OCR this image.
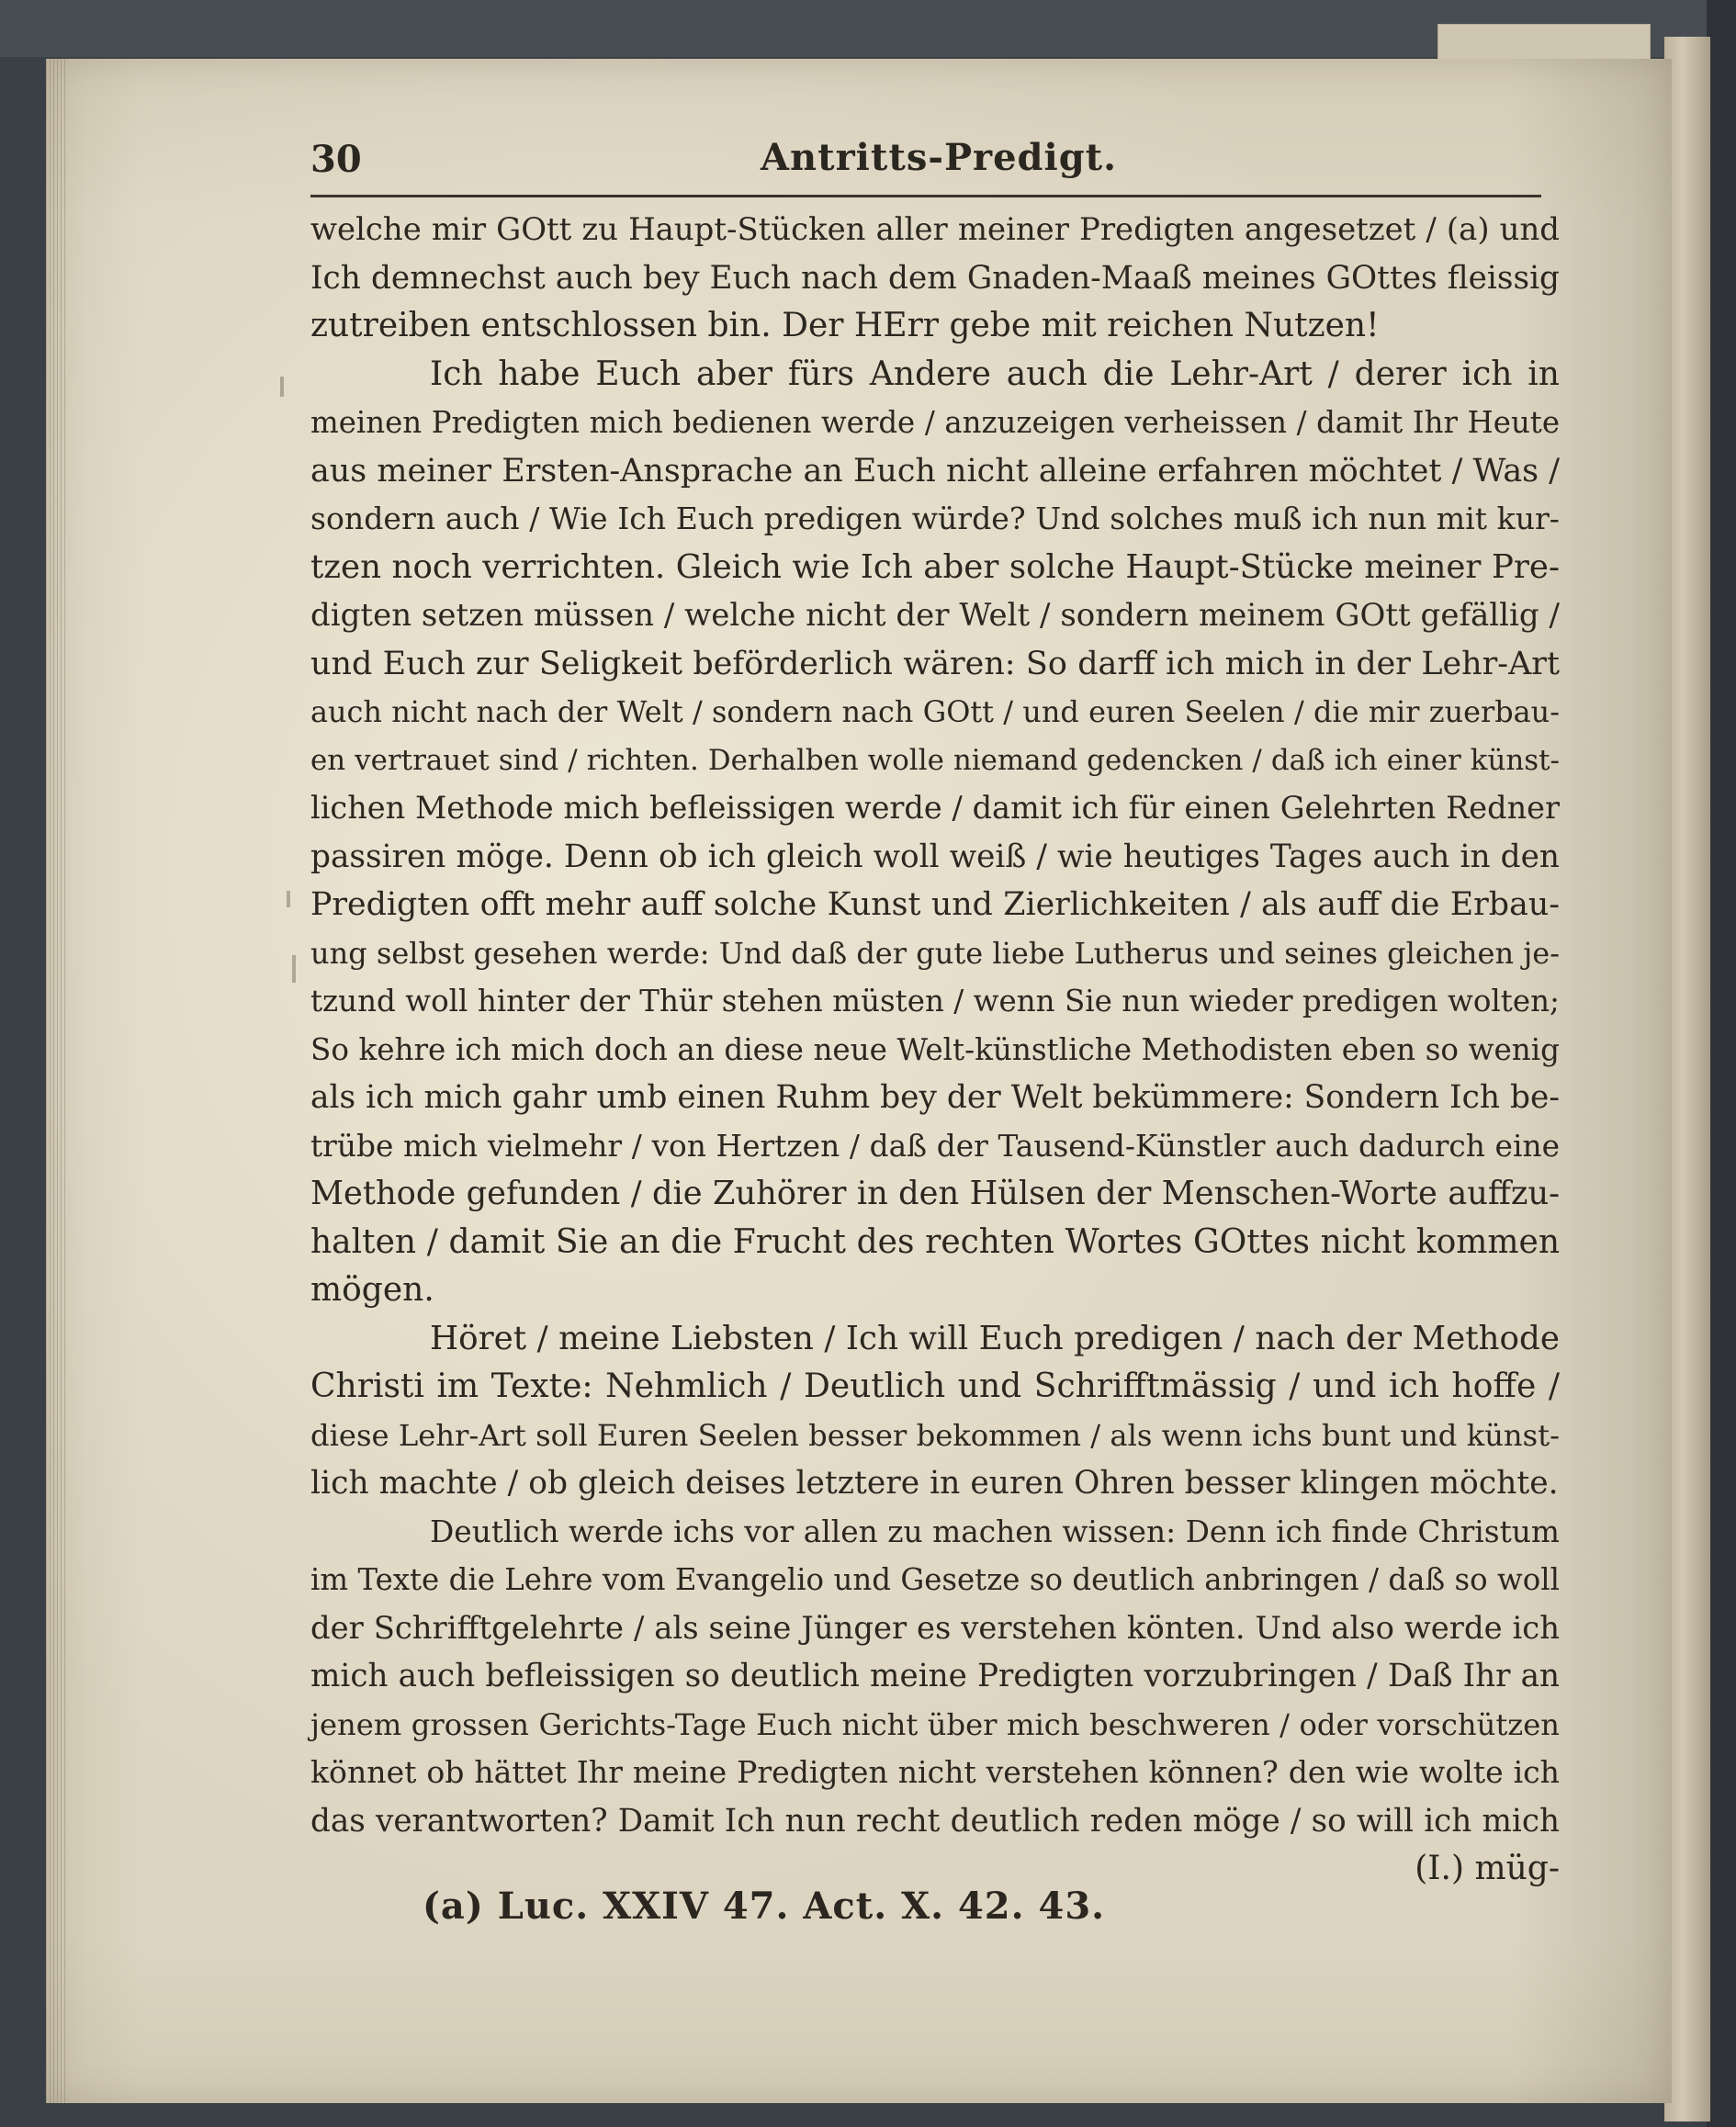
30	Antritts-Predigt.
welche mir GOtt zu Haupt-Stücken aller meiner Predigten angesetzet / (a) und
Ich demnechst auch bey Euch nach dem Gnaden-Maaß meines GOttes fleissig
zutreiben entschlossen bin. Der HErr gebe mit reichen Nutzen!
Ich habe Euch aber fürs Andere auch die Lehr-Art / derer ich in
meinen Predigten mich bedienen werde / anzuzeigen verheissen / damit Ihr Heute
aus meiner Ersten-Ansprache an Euch nicht alleine erfahren möchtet / Was /
sondern auch / Wie Ich Euch predigen würde? Und solches muß ich nun mit kur-
tzen noch verrichten. Gleich wie Ich aber solche Haupt-Stücke meiner Pre-
digten setzen müssen / welche nicht der Welt / sondern meinem GOtt gefällig /
und Euch zur Seligkeit beförderlich wären: So darff ich mich in der Lehr-Art
auch nicht nach der Welt / sondern nach GOtt / und euren Seelen / die mir zuerbau-
en vertrauet sind / richten. Derhalben wolle niemand gedencken / daß ich einer künst-
lichen Methode mich befleissigen werde / damit ich für einen Gelehrten Redner
passiren möge. Denn ob ich gleich woll weiß / wie heutiges Tages auch in den
Predigten offt mehr auff solche Kunst und Zierlichkeiten / als auff die Erbau-
ung selbst gesehen werde: Und daß der gute liebe Lutherus und seines gleichen je-
tzund woll hinter der Thür stehen müsten / wenn Sie nun wieder predigen wolten;
So kehre ich mich doch an diese neue Welt-künstliche Methodisten eben so wenig
als ich mich gahr umb einen Ruhm bey der Welt bekümmere: Sondern Ich be-
trübe mich vielmehr / von Hertzen / daß der Tausend-Künstler auch dadurch eine
Methode gefunden / die Zuhörer in den Hülsen der Menschen-Worte auffzu-
halten / damit Sie an die Frucht des rechten Wortes GOttes nicht kommen
mögen.
Höret / meine Liebsten / Ich will Euch predigen / nach der Methode
Christi im Texte: Nehmlich / Deutlich und Schrifftmässig / und ich hoffe /
diese Lehr-Art soll Euren Seelen besser bekommen / als wenn ichs bunt und künst-
lich machte / ob gleich deises letztere in euren Ohren besser klingen möchte.
Deutlich werde ichs vor allen zu machen wissen: Denn ich finde Christum
im Texte die Lehre vom Evangelio und Gesetze so deutlich anbringen / daß so woll
der Schrifftgelehrte / als seine Jünger es verstehen könten. Und also werde ich
mich auch befleissigen so deutlich meine Predigten vorzubringen / Daß Ihr an
jenem grossen Gerichts-Tage Euch nicht über mich beschweren / oder vorschützen
könnet ob hättet Ihr meine Predigten nicht verstehen können? den wie wolte ich
das verantworten? Damit Ich nun recht deutlich reden möge / so will ich mich
(I.) müg-
(a) Luc. XXIV 47. Act. X. 42. 43.
